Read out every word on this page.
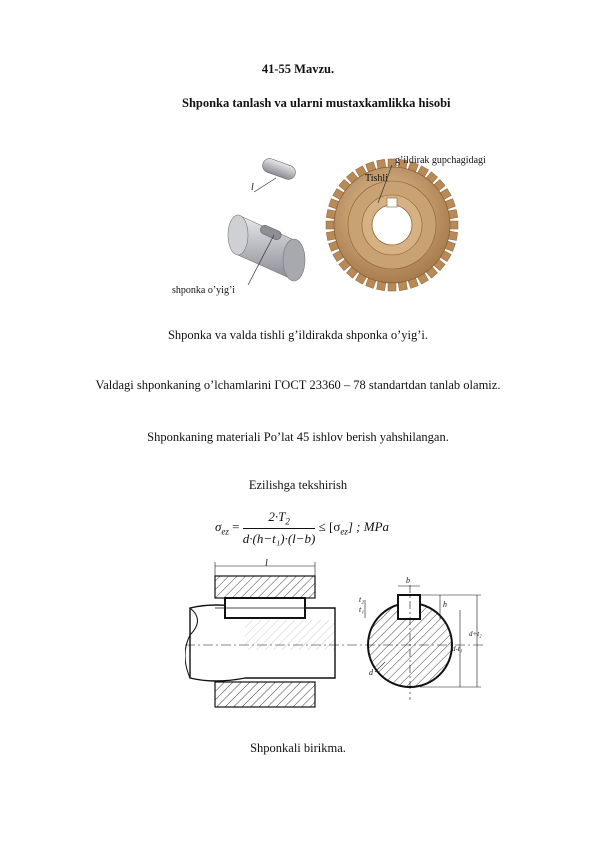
41-55 Mavzu.
Shponka tanlash va ularni mustaxkamlikka hisobi
g’ildirak gupchagidagi
Tishli
l
shponka o’yig’i
Shponka va valda tishli g’ildirakda shponka o’yig’i.
Valdagi shponkaning o’lchamlarini ГОСТ 23360 – 78 standartdan tanlab olamiz.
Shponkaning materiali Po’lat 45 ishlov berish yahshilangan.
Ezilishga tekshirish
$\sigma_{ez} = \frac{2\cdot T_2}{\text{d·(h−t₁)·(l−b)}} \le [\sigma_{ez}]$ ; MPa
l
b
h
t₁
t₂
d
d-t₁
d+t₂
Shponkali birikma.
